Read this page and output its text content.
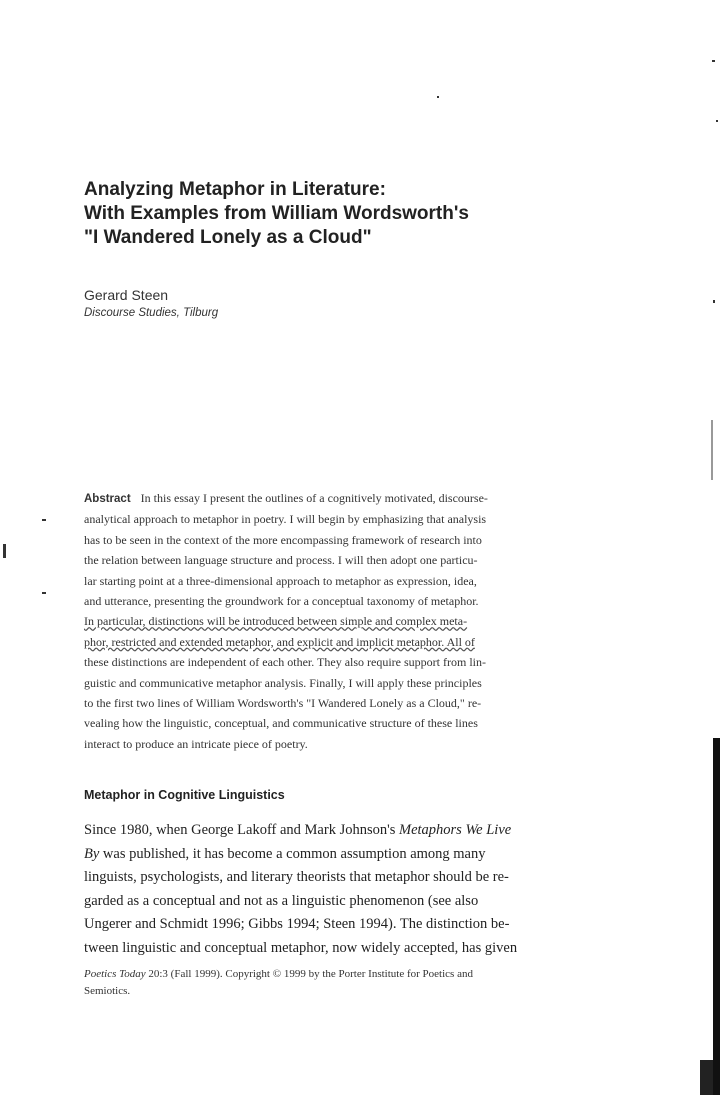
Analyzing Metaphor in Literature:
With Examples from William Wordsworth's
"I Wandered Lonely as a Cloud"
Gerard Steen
Discourse Studies, Tilburg
Abstract In this essay I present the outlines of a cognitively motivated, discourse-
analytical approach to metaphor in poetry. I will begin by emphasizing that analysis
has to be seen in the context of the more encompassing framework of research into
the relation between language structure and process. I will then adopt one particu-
lar starting point at a three-dimensional approach to metaphor as expression, idea,
and utterance, presenting the groundwork for a conceptual taxonomy of metaphor.
In particular, distinctions will be introduced between simple and complex meta-
phor, restricted and extended metaphor, and explicit and implicit metaphor. All of
these distinctions are independent of each other. They also require support from lin-
guistic and communicative metaphor analysis. Finally, I will apply these principles
to the first two lines of William Wordsworth's "I Wandered Lonely as a Cloud," re-
vealing how the linguistic, conceptual, and communicative structure of these lines
interact to produce an intricate piece of poetry.
Metaphor in Cognitive Linguistics
Since 1980, when George Lakoff and Mark Johnson's Metaphors We Live
By was published, it has become a common assumption among many
linguists, psychologists, and literary theorists that metaphor should be re-
garded as a conceptual and not as a linguistic phenomenon (see also
Ungerer and Schmidt 1996; Gibbs 1994; Steen 1994). The distinction be-
tween linguistic and conceptual metaphor, now widely accepted, has given
Poetics Today 20:3 (Fall 1999). Copyright © 1999 by the Porter Institute for Poetics and
Semiotics.
